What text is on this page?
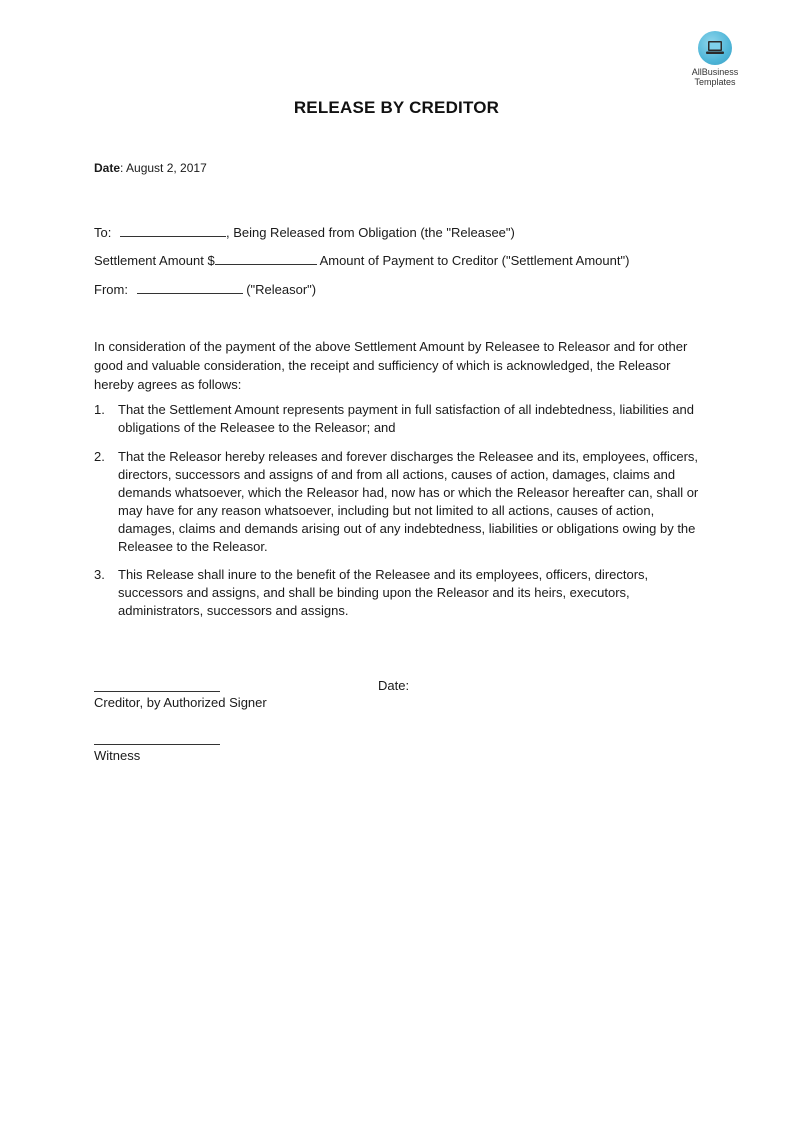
AllBusiness
Templates
RELEASE BY CREDITOR
Date: August 2, 2017
To:	, Being Released from Obligation (the "Releasee")
Settlement Amount $	Amount of Payment to Creditor ("Settlement Amount")
From:	("Releasor")
In consideration of the payment of the above Settlement Amount by Releasee to Releasor and for other good and valuable consideration, the receipt and sufficiency of which is acknowledged, the Releasor hereby agrees as follows:
1.	That the Settlement Amount represents payment in full satisfaction of all indebtedness, liabilities and obligations of the Releasee to the Releasor; and
2.	That the Releasor hereby releases and forever discharges the Releasee and its, employees, officers, directors, successors and assigns of and from all actions, causes of action, damages, claims and demands whatsoever, which the Releasor had, now has or which the Releasor hereafter can, shall or may have for any reason whatsoever, including but not limited to all actions, causes of action, damages, claims and demands arising out of any indebtedness, liabilities or obligations owing by the Releasee to the Releasor.
3.	This Release shall inure to the benefit of the Releasee and its employees, officers, directors, successors and assigns, and shall be binding upon the Releasor and its heirs, executors, administrators, successors and assigns.
Date:
Creditor, by Authorized Signer
Witness
